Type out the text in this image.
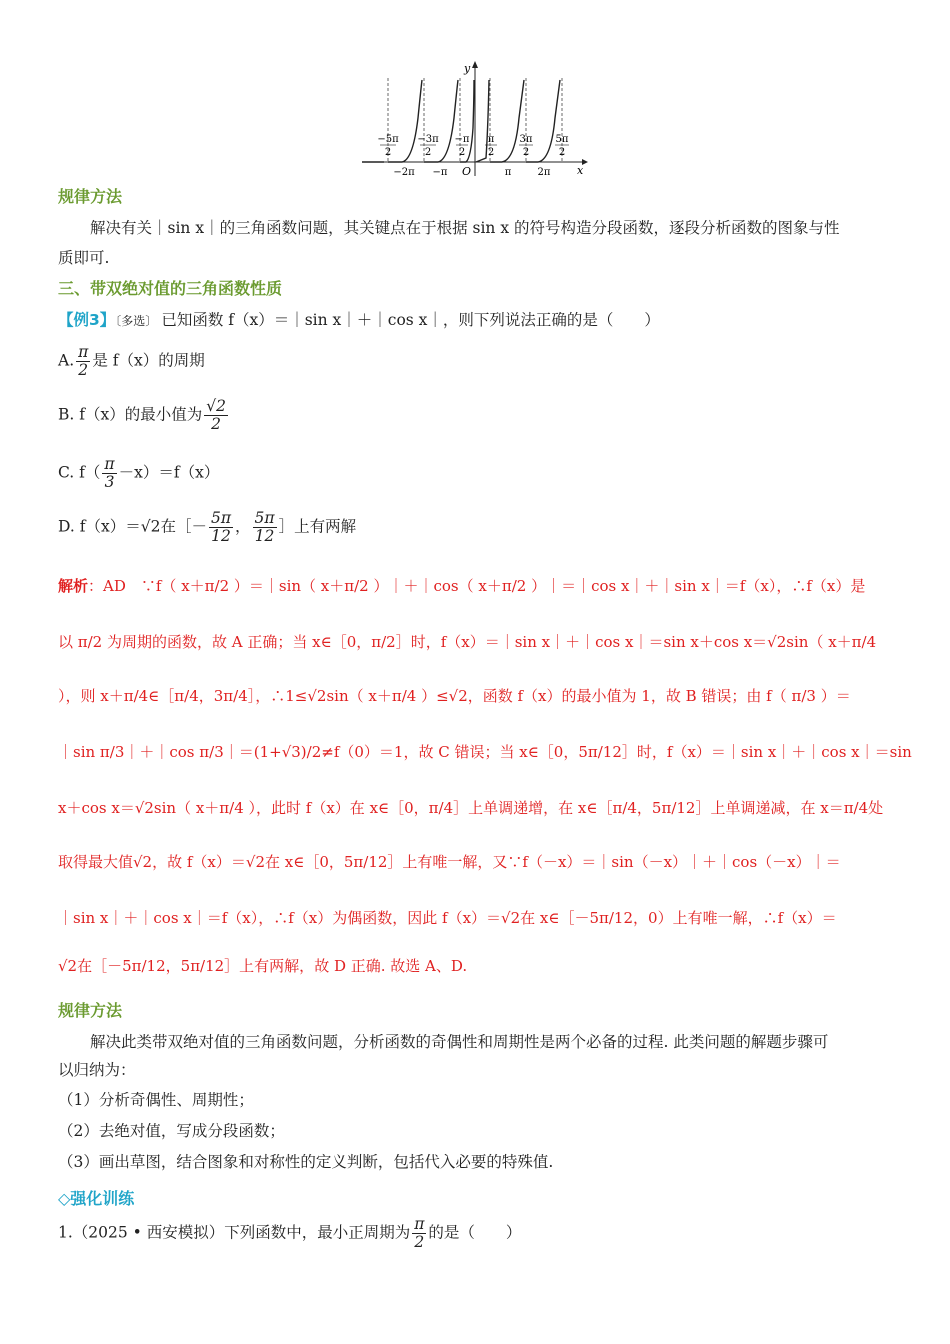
y
x
O
−5π
2
−3π
2
−π
2
π
2
3π
2
5π
2
−2π −π	π	2π
规律方法
解决有关｜sin x｜的三角函数问题，其关键点在于根据 sin x 的符号构造分段函数，逐段分析函数的图象与性
质即可.
三、带双绝对值的三角函数性质
【例3】〔多选〕 已知函数 f（x）＝｜sin x｜＋｜cos x｜，则下列说法正确的是（　　）
A. $\frac{\pi}{2}$ 是 f（x）的周期
B. f（x）的最小值为 $\frac{√2}{2}$
C. $f( \frac{\pi}{3} -x)=f(x)$
D. f（x）＝√2在［－ $\frac{5\pi}{12}$ ， $\frac{5\pi}{12}$ ］上有两解
解析：AD　∵f（ x＋π/2 ）＝｜sin（ x＋π/2 ）｜＋｜cos（ x＋π/2 ）｜＝｜cos x｜＋｜sin x｜＝f（x），∴f（x）是
以 π/2 为周期的函数，故 A 正确；当 x∈［0，π/2］时，f（x）＝｜sin x｜＋｜cos x｜＝sin x＋cos x＝√2sin（ x＋π/4
），则 x＋π/4∈［π/4，3π/4］，∴1≤√2sin（ x＋π/4 ）≤√2，函数 f（x）的最小值为 1，故 B 错误；由 f（ π/3 ）＝
｜sin π/3｜＋｜cos π/3｜＝(1+√3)/2≠f（0）＝1，故 C 错误；当 x∈［0，5π/12］时，f（x）＝｜sin x｜＋｜cos x｜＝sin
x＋cos x＝√2sin（ x＋π/4 ），此时 f（x）在 x∈［0，π/4］上单调递增，在 x∈［π/4，5π/12］上单调递减，在 x＝π/4处
取得最大值√2，故 f（x）＝√2在 x∈［0，5π/12］上有唯一解，又∵f（－x）＝｜sin（－x）｜＋｜cos（－x）｜＝
｜sin x｜＋｜cos x｜＝f（x），∴f（x）为偶函数，因此 f（x）＝√2在 x∈［－5π/12，0）上有唯一解，∴f（x）＝
√2在［－5π/12，5π/12］上有两解，故 D 正确. 故选 A、D.
规律方法
解决此类带双绝对值的三角函数问题，分析函数的奇偶性和周期性是两个必备的过程. 此类问题的解题步骤可
以归纳为：
（1）分析奇偶性、周期性；
（2）去绝对值，写成分段函数；
（3）画出草图，结合图象和对称性的定义判断，包括代入必要的特殊值.
◇强化训练
1.（2025 • 西安模拟）下列函数中，最小正周期为 $\frac{\pi}{2}$ 的是（　　）
